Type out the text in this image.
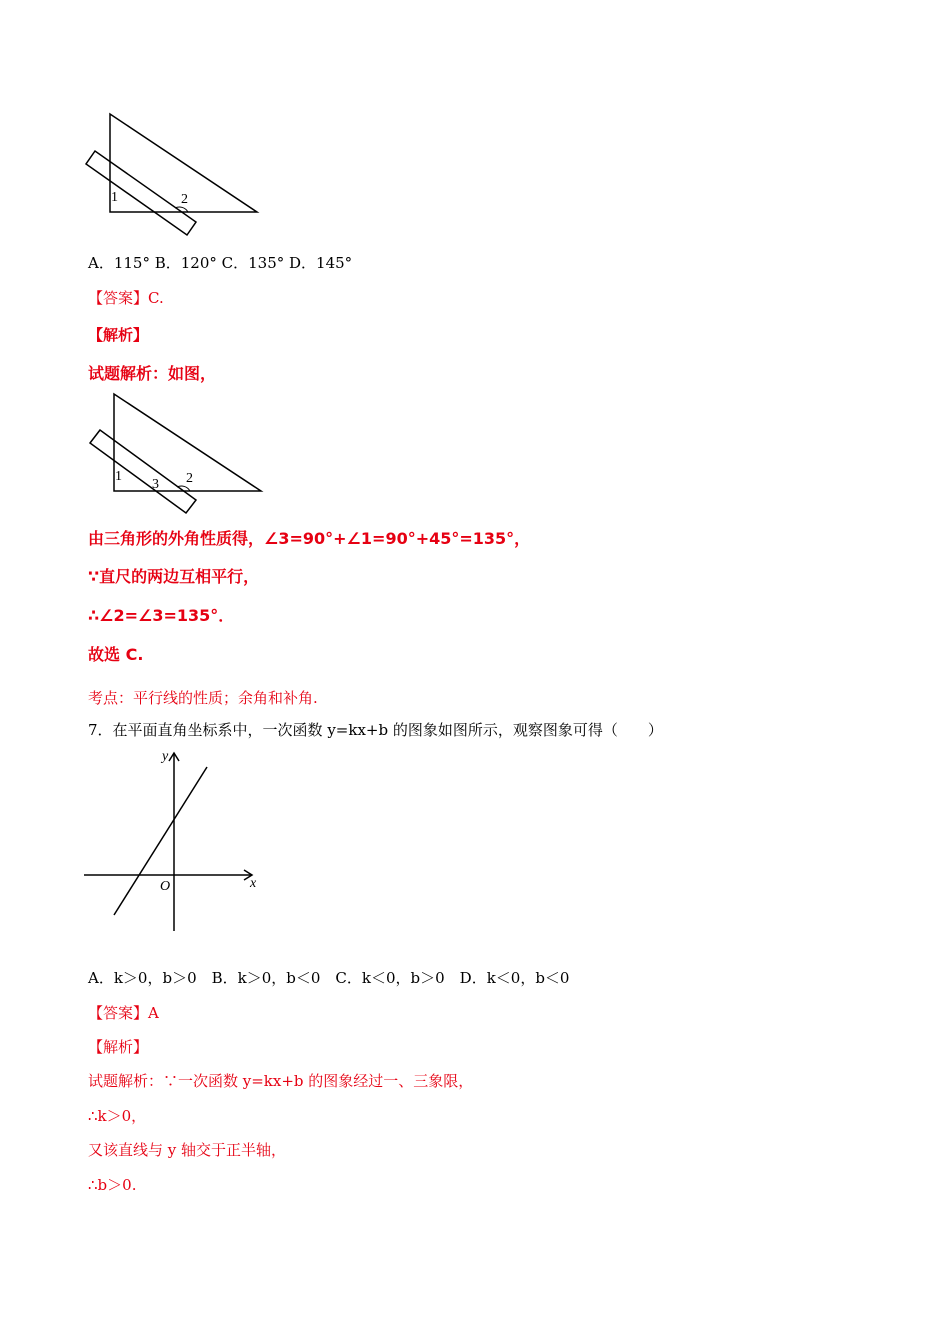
1	2
A．115° B．120° C．135° D．145°
【答案】C.
【解析】
试题解析：如图，
1
3 2
由三角形的外角性质得，∠3=90°+∠1=90°+45°=135°，
∵直尺的两边互相平行，
∴∠2=∠3=135°．
故选 C.
考点：平行线的性质；余角和补角.
7．在平面直角坐标系中，一次函数 y=kx+b 的图象如图所示，观察图象可得（　　）
y
x
O
A．k＞0，b＞0　B．k＞0，b＜0　C．k＜0，b＞0　D．k＜0，b＜0
【答案】A
【解析】
试题解析：∵一次函数 y=kx+b 的图象经过一、三象限，
∴k＞0，
又该直线与 y 轴交于正半轴，
∴b＞0.
